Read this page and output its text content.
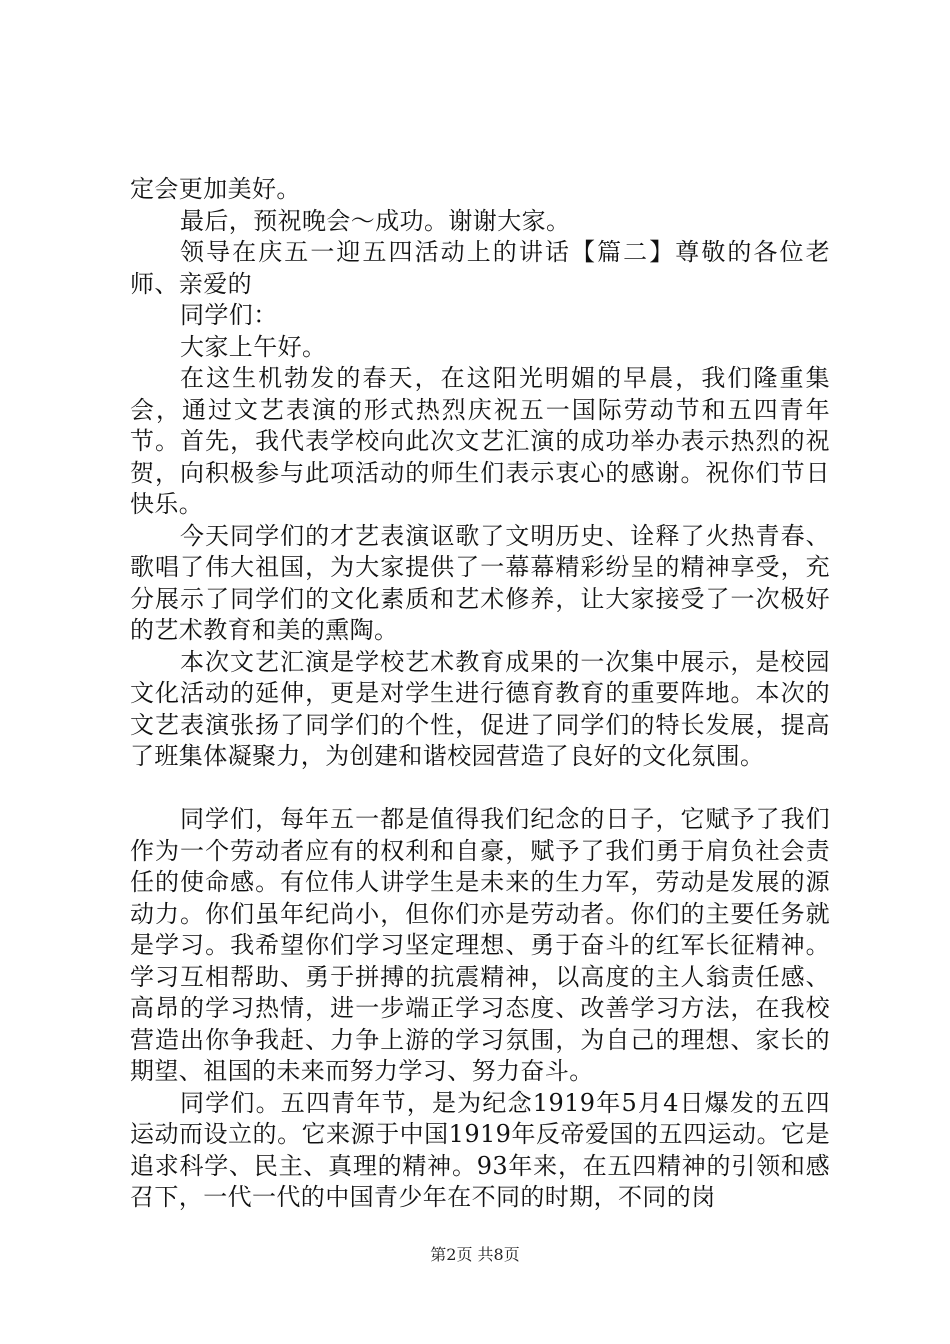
定会更加美好。

最后，预祝晚会～成功。谢谢大家。

领导在庆五一迎五四活动上的讲话【篇二】尊敬的各位老师、亲爱的

同学们：

大家上午好。

在这生机勃发的春天，在这阳光明媚的早晨，我们隆重集会，通过文艺表演的形式热烈庆祝五一国际劳动节和五四青年节。首先，我代表学校向此次文艺汇演的成功举办表示热烈的祝贺，向积极参与此项活动的师生们表示衷心的感谢。祝你们节日快乐。

今天同学们的才艺表演讴歌了文明历史、诠释了火热青春、歌唱了伟大祖国，为大家提供了一幕幕精彩纷呈的精神享受，充分展示了同学们的文化素质和艺术修养，让大家接受了一次极好的艺术教育和美的熏陶。

本次文艺汇演是学校艺术教育成果的一次集中展示，是校园文化活动的延伸，更是对学生进行德育教育的重要阵地。本次的文艺表演张扬了同学们的个性，促进了同学们的特长发展，提高了班集体凝聚力，为创建和谐校园营造了良好的文化氛围。

同学们，每年五一都是值得我们纪念的日子，它赋予了我们作为一个劳动者应有的权利和自豪，赋予了我们勇于肩负社会责任的使命感。有位伟人讲学生是未来的生力军，劳动是发展的源动力。你们虽年纪尚小，但你们亦是劳动者。你们的主要任务就是学习。我希望你们学习坚定理想、勇于奋斗的红军长征精神。学习互相帮助、勇于拼搏的抗震精神，以高度的主人翁责任感、高昂的学习热情，进一步端正学习态度、改善学习方法，在我校营造出你争我赶、力争上游的学习氛围，为自己的理想、家长的期望、祖国的未来而努力学习、努力奋斗。

同学们。五四青年节，是为纪念1919年5月4日爆发的五四运动而设立的。它来源于中国1919年反帝爱国的五四运动。它是追求科学、民主、真理的精神。93年来，在五四精神的引领和感召下，一代一代的中国青少年在不同的时期，不同的岗

第2页 共8页
